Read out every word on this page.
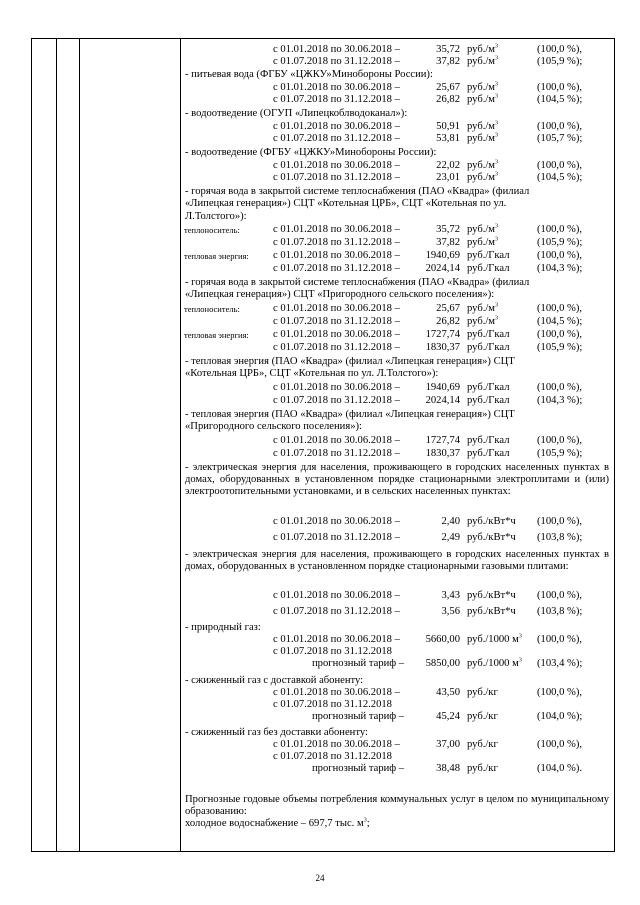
с 01.01.2018 по 30.06.2018 –	35,72 $руб./м^3$	(100,0 %),
с 01.07.2018 по 31.12.2018 –	37,82 $руб./м^3$	(105,9 %);
- питьевая вода (ФГБУ «ЦЖКУ»Минобороны России):
с 01.01.2018 по 30.06.2018 –	25,67 $руб./м^3$	(100,0 %),
с 01.07.2018 по 31.12.2018 –	26,82 $руб./м^3$	(104,5 %);
- водоотведение (ОГУП «Липецкоблводоканал»):
с 01.01.2018 по 30.06.2018 –	50,91 $руб./м^3$	(100,0 %),
с 01.07.2018 по 31.12.2018 –	53,81 $руб./м^3$	(105,7 %);
- водоотведение (ФГБУ «ЦЖКУ»Минобороны России):
с 01.01.2018 по 30.06.2018 –	22,02 $руб./м^3$	(100,0 %),
с 01.07.2018 по 31.12.2018 –	23,01 $руб./м^3$	(104,5 %);
- горячая вода в закрытой системе теплоснабжения (ПАО «Квадра» (филиал
«Липецкая генерация») СЦТ «Котельная ЦРБ», СЦТ «Котельная по ул.
Л.Толстого»):
теплоноситель:	с 01.01.2018 по 30.06.2018 –	35,72 $руб./м^3$	(100,0 %),
с 01.07.2018 по 31.12.2018 –	37,82 $руб./м^3$	(105,9 %);
тепловая энергия: с 01.01.2018 по 30.06.2018 – 1940,69 руб./Гкал	(100,0 %),
с 01.07.2018 по 31.12.2018 – 2024,14 руб./Гкал	(104,3 %);
- горячая вода в закрытой системе теплоснабжения (ПАО «Квадра» (филиал
«Липецкая генерация») СЦТ «Пригородного сельского поселения»):
теплоноситель:	с 01.01.2018 по 30.06.2018 –	25,67 $руб./м^3$	(100,0 %),
с 01.07.2018 по 31.12.2018 –	26,82 $руб./м^3$	(104,5 %);
тепловая энергия: с 01.01.2018 по 30.06.2018 – 1727,74 руб./Гкал	(100,0 %),
с 01.07.2018 по 31.12.2018 – 1830,37 руб./Гкал	(105,9 %);
- тепловая энергия (ПАО «Квадра» (филиал «Липецкая генерация») СЦТ
«Котельная ЦРБ», СЦТ «Котельная по ул. Л.Толстого»):
с 01.01.2018 по 30.06.2018 – 1940,69 руб./Гкал	(100,0 %),
с 01.07.2018 по 31.12.2018 – 2024,14 руб./Гкал	(104,3 %);
- тепловая энергия (ПАО «Квадра» (филиал «Липецкая генерация») СЦТ
«Пригородного сельского поселения»):
с 01.01.2018 по 30.06.2018 – 1727,74 руб./Гкал	(100,0 %),
с 01.07.2018 по 31.12.2018 – 1830,37 руб./Гкал	(105,9 %);
- электрическая энергия для населения, проживающего в городских населенных пунктах в домах, оборудованных в установленном порядке стационарными электроплитами и (или) электроотопительными установками, и в сельских населенных пунктах:
с 01.01.2018 по 30.06.2018 –	2,40 руб./кВт*ч (100,0 %),
с 01.07.2018 по 31.12.2018 –	2,49 руб./кВт*ч (103,8 %);
- электрическая энергия для населения, проживающего в городских населенных пунктах в домах, оборудованных в установленном порядке стационарными газовыми плитами:
с 01.01.2018 по 30.06.2018 –	3,43 руб./кВт*ч (100,0 %),
с 01.07.2018 по 31.12.2018 –	3,56 руб./кВт*ч (103,8 %);
- природный газ:
с 01.01.2018 по 30.06.2018 – 5660,00 руб./1000 $м^3$ (100,0 %),
с 01.07.2018 по 31.12.2018
прогнозный тариф – 5850,00 руб./1000 $м^3$ (103,4 %);
- сжиженный газ с доставкой абоненту:
с 01.01.2018 по 30.06.2018 –	43,50 руб./кг	(100,0 %),
с 01.07.2018 по 31.12.2018
прогнозный тариф –	45,24 руб./кг	(104,0 %);
- сжиженный газ без доставки абоненту:
с 01.01.2018 по 30.06.2018 –	37,00 руб./кг	(100,0 %),
с 01.07.2018 по 31.12.2018
прогнозный тариф –	38,48 руб./кг	(104,0 %).
Прогнозные годовые объемы потребления коммунальных услуг в целом по муниципальному образованию:
холодное водоснабжение – 697,7 тыс. $м^3$;
24
